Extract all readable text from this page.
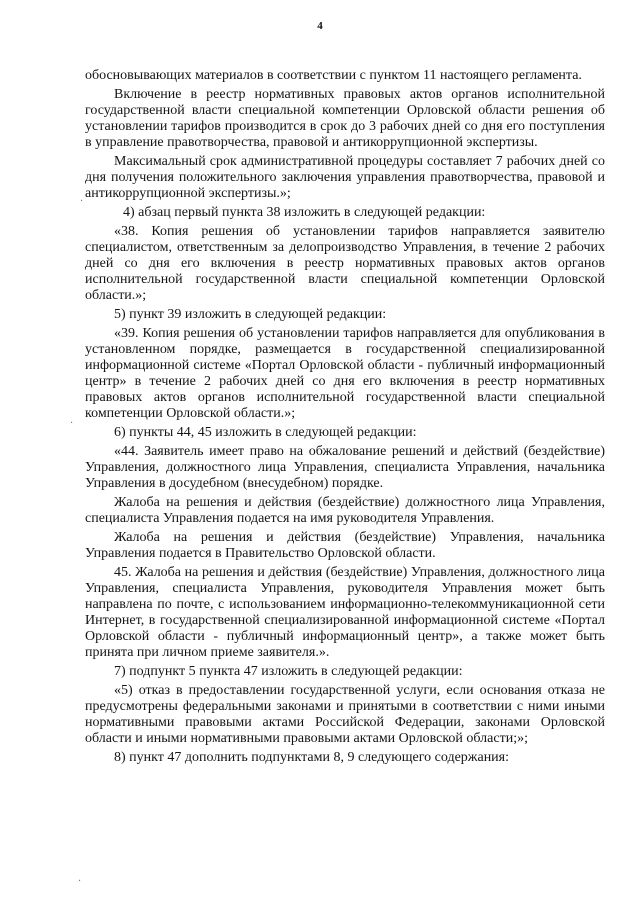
4

обосновывающих материалов в соответствии с пунктом 11 настоящего регламента.

Включение в реестр нормативных правовых актов органов исполнительной государственной власти специальной компетенции Орловской области решения об установлении тарифов производится в срок до 3 рабочих дней со дня его поступления в управление правотворчества, правовой и антикоррупционной экспертизы.

Максимальный срок административной процедуры составляет 7 рабочих дней со дня получения положительного заключения управления правотворчества, правовой и антикоррупционной экспертизы.»;

4) абзац первый пункта 38 изложить в следующей редакции:

«38. Копия решения об установлении тарифов направляется заявителю специалистом, ответственным за делопроизводство Управления, в течение 2 рабочих дней со дня его включения в реестр нормативных правовых актов органов исполнительной государственной власти специальной компетенции Орловской области.»;

5) пункт 39 изложить в следующей редакции:

«39. Копия решения об установлении тарифов направляется для опубликования в установленном порядке, размещается в государственной специализированной информационной системе «Портал Орловской области - публичный информационный центр» в течение 2 рабочих дней со дня его включения в реестр нормативных правовых актов органов исполнительной государственной власти специальной компетенции Орловской области.»;

6) пункты 44, 45 изложить в следующей редакции:

«44. Заявитель имеет право на обжалование решений и действий (бездействие) Управления, должностного лица Управления, специалиста Управления, начальника Управления в досудебном (внесудебном) порядке.

Жалоба на решения и действия (бездействие) должностного лица Управления, специалиста Управления подается на имя руководителя Управления.

Жалоба на решения и действия (бездействие) Управления, начальника Управления подается в Правительство Орловской области.

45. Жалоба на решения и действия (бездействие) Управления, должностного лица Управления, специалиста Управления, руководителя Управления может быть направлена по почте, с использованием информационно-телекоммуникационной сети Интернет, в государственной специализированной информационной системе «Портал Орловской области - публичный информационный центр», а также может быть принята при личном приеме заявителя.».

7) подпункт 5 пункта 47 изложить в следующей редакции:

«5) отказ в предоставлении государственной услуги, если основания отказа не предусмотрены федеральными законами и принятыми в соответствии с ними иными нормативными правовыми актами Российской Федерации, законами Орловской области и иными нормативными правовыми актами Орловской области;»;

8) пункт 47 дополнить подпунктами 8, 9 следующего содержания:

·
·
·
